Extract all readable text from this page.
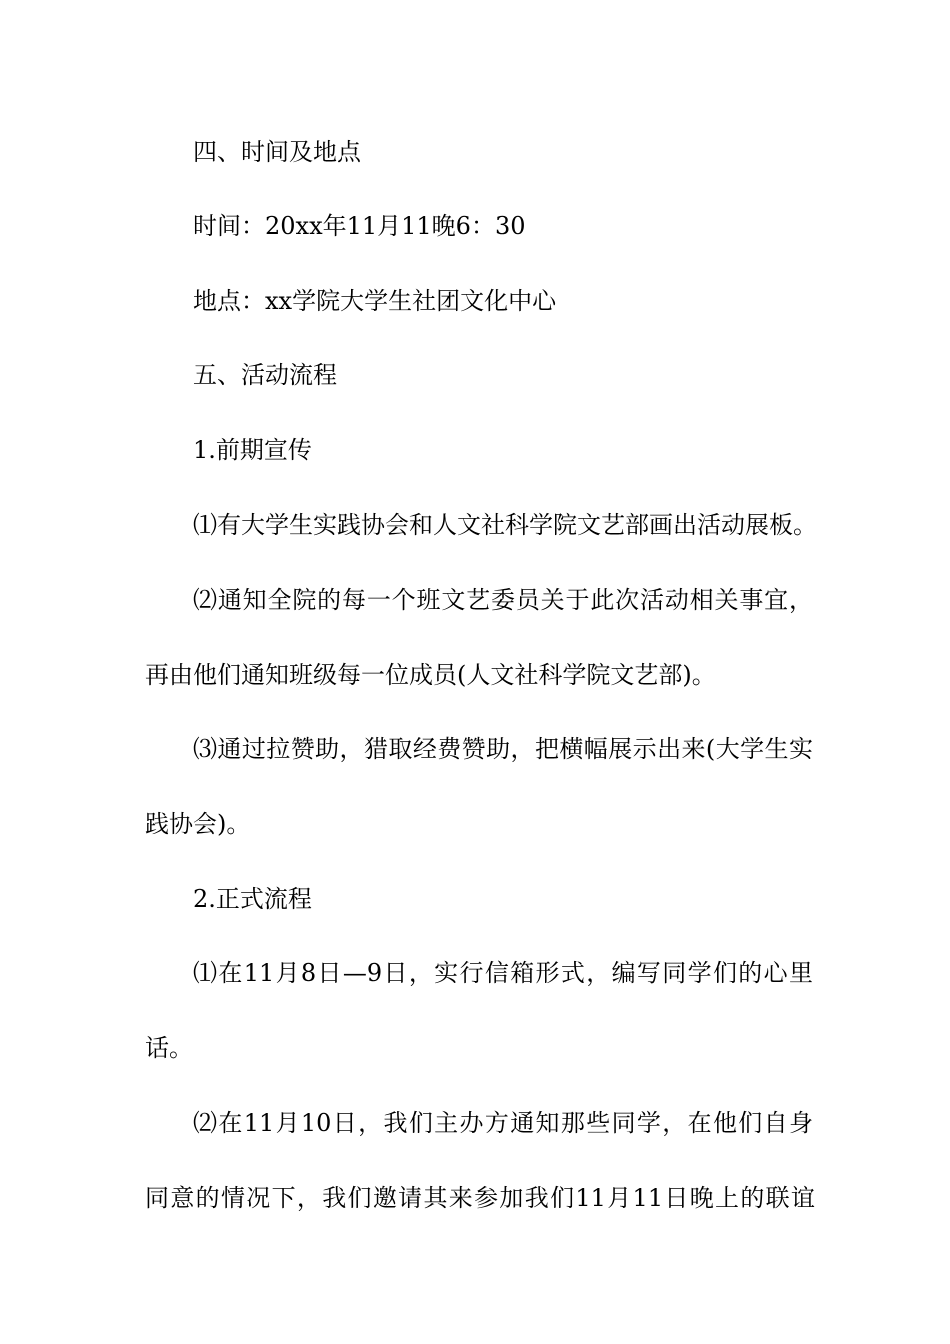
四、时间及地点
时间：20xx年11月11晚6：30
地点：xx学院大学生社团文化中心
五、活动流程
1.前期宣传
⑴有大学生实践协会和人文社科学院文艺部画出活动展板。
⑵通知全院的每一个班文艺委员关于此次活动相关事宜，
再由他们通知班级每一位成员(人文社科学院文艺部)。
⑶通过拉赞助，猎取经费赞助，把横幅展示出来(大学生实
践协会)。
2.正式流程
⑴在11月8日—9日，实行信箱形式，编写同学们的心里
话。
⑵在11月10日，我们主办方通知那些同学，在他们自身
同意的情况下，我们邀请其来参加我们11月11日晚上的联谊
